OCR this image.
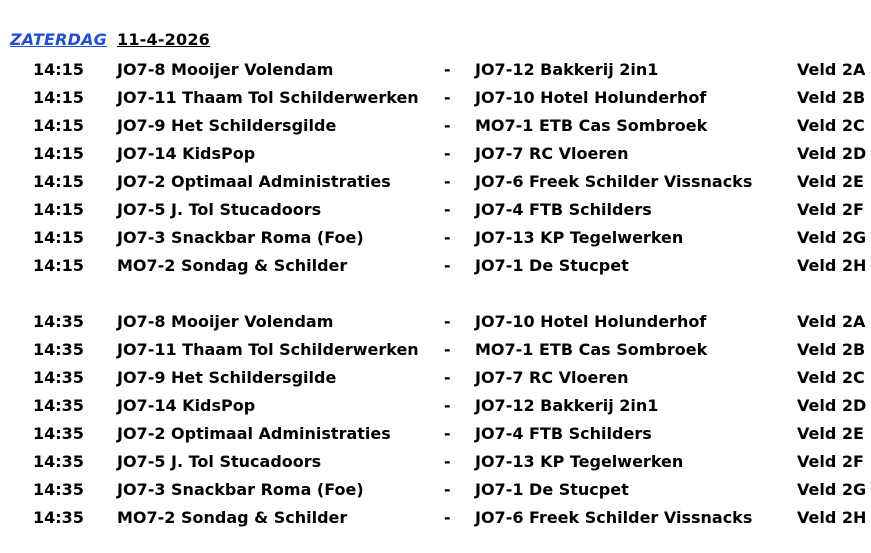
ZATERDAG 11-4-2026
14:15 JO7-8 Mooijer Volendam	- JO7-12 Bakkerij 2in1	Veld 2A
14:15 JO7-11 Thaam Tol Schilderwerken - JO7-10 Hotel Holunderhof	Veld 2B
14:15 JO7-9 Het Schildersgilde	- MO7-1 ETB Cas Sombroek	Veld 2C
14:15 JO7-14 KidsPop	- JO7-7 RC Vloeren	Veld 2D
14:15 JO7-2 Optimaal Administraties	- JO7-6 Freek Schilder Vissnacks	Veld 2E
14:15 JO7-5 J. Tol Stucadoors	- JO7-4 FTB Schilders	Veld 2F
14:15 JO7-3 Snackbar Roma (Foe)	- JO7-13 KP Tegelwerken	Veld 2G
14:15 MO7-2 Sondag & Schilder	- JO7-1 De Stucpet	Veld 2H
14:35 JO7-8 Mooijer Volendam	- JO7-10 Hotel Holunderhof	Veld 2A
14:35 JO7-11 Thaam Tol Schilderwerken - MO7-1 ETB Cas Sombroek	Veld 2B
14:35 JO7-9 Het Schildersgilde	- JO7-7 RC Vloeren	Veld 2C
14:35 JO7-14 KidsPop	- JO7-12 Bakkerij 2in1	Veld 2D
14:35 JO7-2 Optimaal Administraties	- JO7-4 FTB Schilders	Veld 2E
14:35 JO7-5 J. Tol Stucadoors	- JO7-13 KP Tegelwerken	Veld 2F
14:35 JO7-3 Snackbar Roma (Foe)	- JO7-1 De Stucpet	Veld 2G
14:35 MO7-2 Sondag & Schilder	- JO7-6 Freek Schilder Vissnacks	Veld 2H
